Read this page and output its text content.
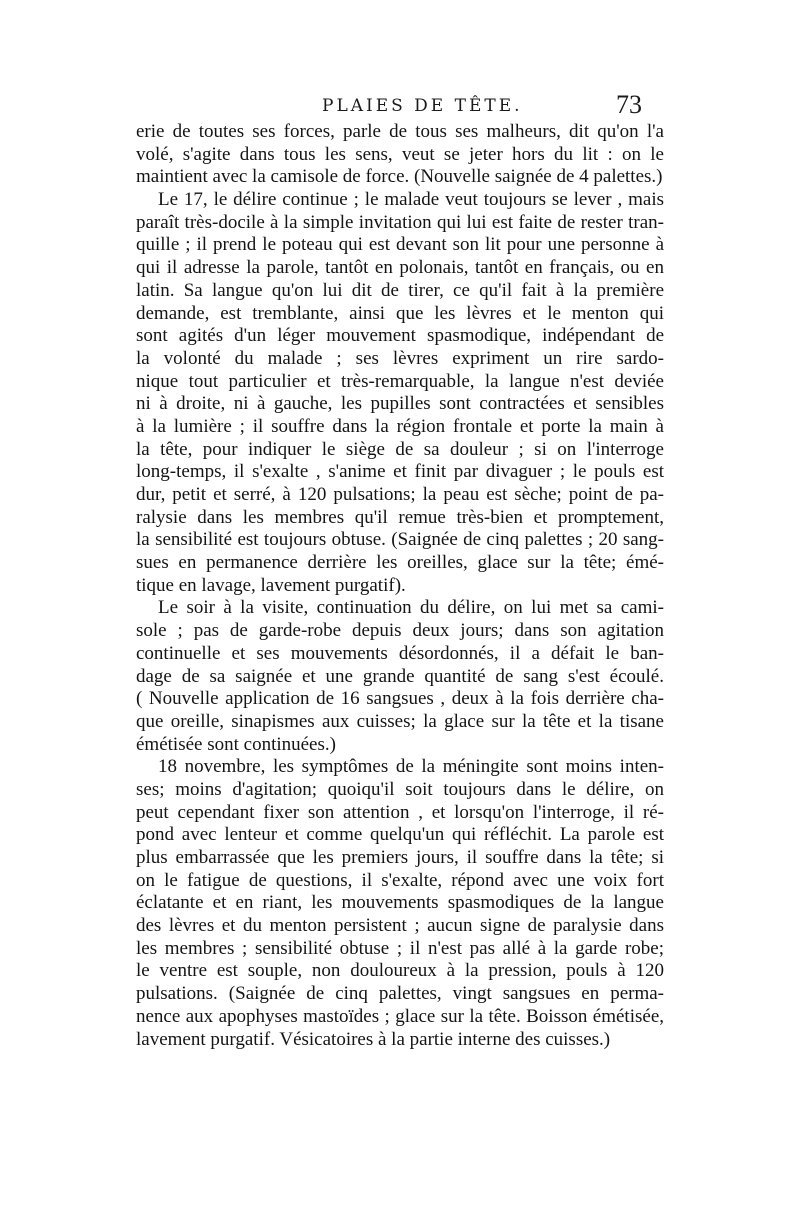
PLAIES DE TÊTE.	73
erie de toutes ses forces, parle de tous ses malheurs, dit qu'on l'a
volé, s'agite dans tous les sens, veut se jeter hors du lit : on le
maintient avec la camisole de force. (Nouvelle saignée de 4 palettes.)
Le 17, le délire continue ; le malade veut toujours se lever , mais
paraît très-docile à la simple invitation qui lui est faite de rester tran-
quille ; il prend le poteau qui est devant son lit pour une personne à
qui il adresse la parole, tantôt en polonais, tantôt en français, ou en
latin. Sa langue qu'on lui dit de tirer, ce qu'il fait à la première
demande, est tremblante, ainsi que les lèvres et le menton qui
sont agités d'un léger mouvement spasmodique, indépendant de
la volonté du malade ; ses lèvres expriment un rire sardo-
nique tout particulier et très-remarquable, la langue n'est deviée
ni à droite, ni à gauche, les pupilles sont contractées et sensibles
à la lumière ; il souffre dans la région frontale et porte la main à
la tête, pour indiquer le siège de sa douleur ; si on l'interroge
long-temps, il s'exalte , s'anime et finit par divaguer ; le pouls est
dur, petit et serré, à 120 pulsations; la peau est sèche; point de pa-
ralysie dans les membres qu'il remue très-bien et promptement,
la sensibilité est toujours obtuse. (Saignée de cinq palettes ; 20 sang-
sues en permanence derrière les oreilles, glace sur la tête; émé-
tique en lavage, lavement purgatif).
Le soir à la visite, continuation du délire, on lui met sa cami-
sole ; pas de garde-robe depuis deux jours; dans son agitation
continuelle et ses mouvements désordonnés, il a défait le ban-
dage de sa saignée et une grande quantité de sang s'est écoulé.
( Nouvelle application de 16 sangsues , deux à la fois derrière cha-
que oreille, sinapismes aux cuisses; la glace sur la tête et la tisane
émétisée sont continuées.)
18 novembre, les symptômes de la méningite sont moins inten-
ses; moins d'agitation; quoiqu'il soit toujours dans le délire, on
peut cependant fixer son attention , et lorsqu'on l'interroge, il ré-
pond avec lenteur et comme quelqu'un qui réfléchit. La parole est
plus embarrassée que les premiers jours, il souffre dans la tête; si
on le fatigue de questions, il s'exalte, répond avec une voix fort
éclatante et en riant, les mouvements spasmodiques de la langue
des lèvres et du menton persistent ; aucun signe de paralysie dans
les membres ; sensibilité obtuse ; il n'est pas allé à la garde robe;
le ventre est souple, non douloureux à la pression, pouls à 120
pulsations. (Saignée de cinq palettes, vingt sangsues en perma-
nence aux apophyses mastoïdes ; glace sur la tête. Boisson émétisée,
lavement purgatif. Vésicatoires à la partie interne des cuisses.)
